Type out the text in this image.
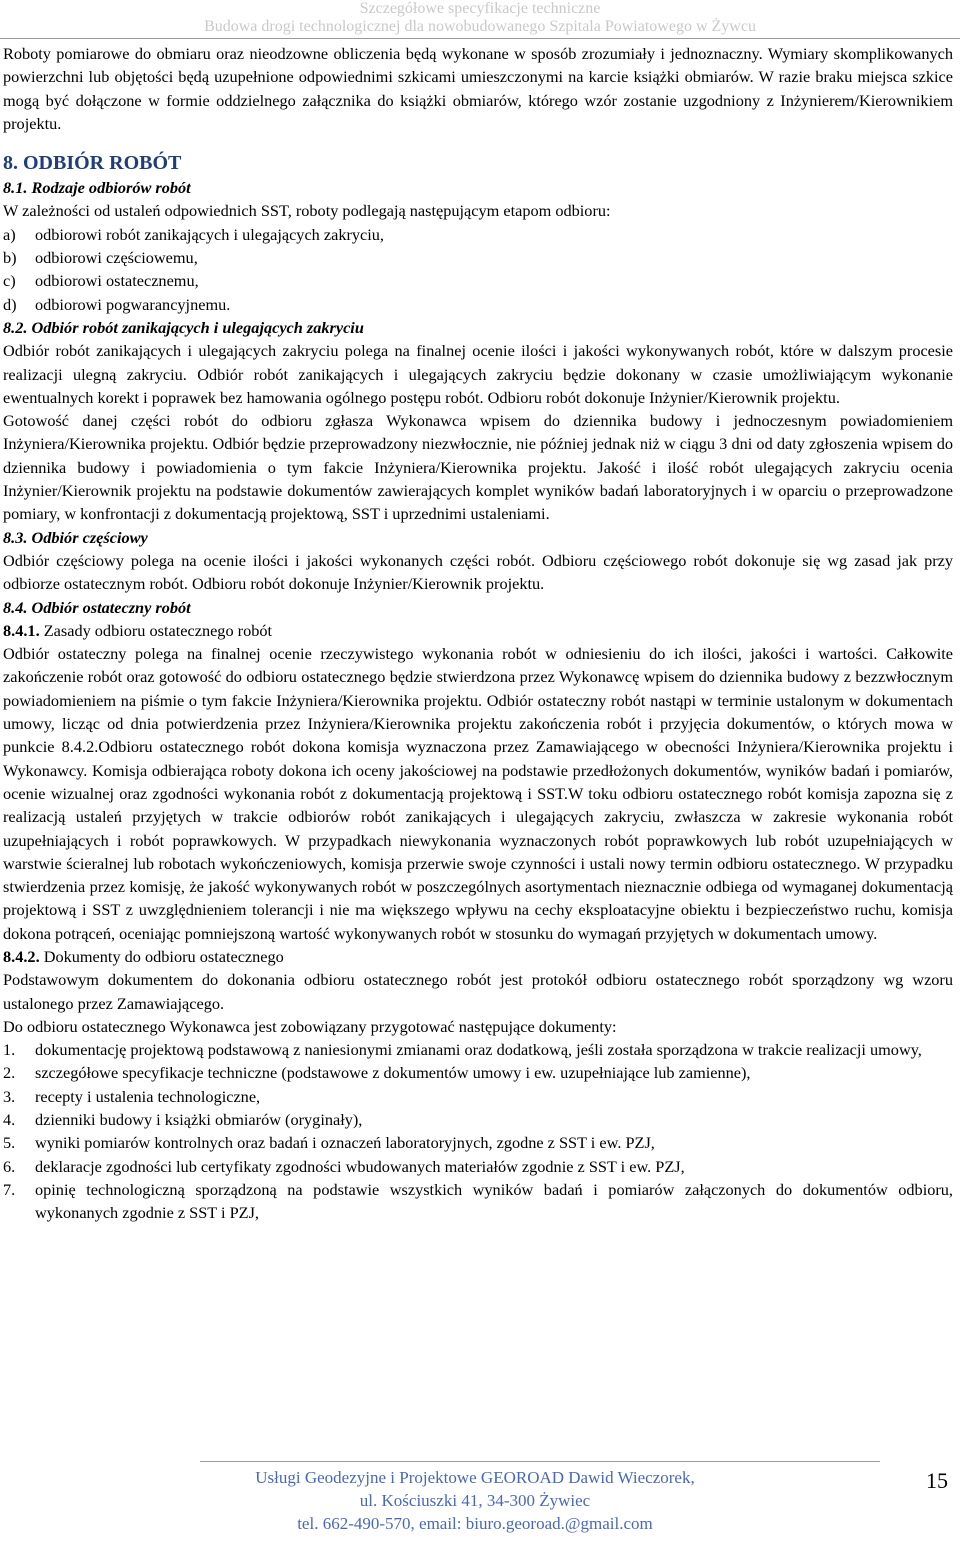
Szczegółowe specyfikacje techniczne
Budowa drogi technologicznej dla nowobudowanego Szpitala Powiatowego w Żywcu

Roboty pomiarowe do obmiaru oraz nieodzowne obliczenia będą wykonane w sposób zrozumiały i jednoznaczny. Wymiary skomplikowanych powierzchni lub objętości będą uzupełnione odpowiednimi szkicami umieszczonymi na karcie książki obmiarów. W razie braku miejsca szkice mogą być dołączone w formie oddzielnego załącznika do książki obmiarów, którego wzór zostanie uzgodniony z Inżynierem/Kierownikiem projektu.

8. ODBIÓR ROBÓT

8.1. Rodzaje odbiorów robót

W zależności od ustaleń odpowiednich SST, roboty podlegają następującym etapom odbioru:

a) odbiorowi robót zanikających i ulegających zakryciu,
b) odbiorowi częściowemu,
c) odbiorowi ostatecznemu,
d) odbiorowi pogwarancyjnemu.

8.2. Odbiór robót zanikających i ulegających zakryciu

Odbiór robót zanikających i ulegających zakryciu polega na finalnej ocenie ilości i jakości wykonywanych robót, które w dalszym procesie realizacji ulegną zakryciu. Odbiór robót zanikających i ulegających zakryciu będzie dokonany w czasie umożliwiającym wykonanie ewentualnych korekt i poprawek bez hamowania ogólnego postępu robót. Odbioru robót dokonuje Inżynier/Kierownik projektu.

Gotowość danej części robót do odbioru zgłasza Wykonawca wpisem do dziennika budowy i jednoczesnym powiadomieniem Inżyniera/Kierownika projektu. Odbiór będzie przeprowadzony niezwłocznie, nie później jednak niż w ciągu 3 dni od daty zgłoszenia wpisem do dziennika budowy i powiadomienia o tym fakcie Inżyniera/Kierownika projektu. Jakość i ilość robót ulegających zakryciu ocenia Inżynier/Kierownik projektu na podstawie dokumentów zawierających komplet wyników badań laboratoryjnych i w oparciu o przeprowadzone pomiary, w konfrontacji z dokumentacją projektową, SST i uprzednimi ustaleniami.

8.3. Odbiór częściowy

Odbiór częściowy polega na ocenie ilości i jakości wykonanych części robót. Odbioru częściowego robót dokonuje się wg zasad jak przy odbiorze ostatecznym robót. Odbioru robót dokonuje Inżynier/Kierownik projektu.

8.4. Odbiór ostateczny robót

8.4.1. Zasady odbioru ostatecznego robót

Odbiór ostateczny polega na finalnej ocenie rzeczywistego wykonania robót w odniesieniu do ich ilości, jakości i wartości. Całkowite zakończenie robót oraz gotowość do odbioru ostatecznego będzie stwierdzona przez Wykonawcę wpisem do dziennika budowy z bezzwłocznym powiadomieniem na piśmie o tym fakcie Inżyniera/Kierownika projektu. Odbiór ostateczny robót nastąpi w terminie ustalonym w dokumentach umowy, licząc od dnia potwierdzenia przez Inżyniera/Kierownika projektu zakończenia robót i przyjęcia dokumentów, o których mowa w punkcie 8.4.2.Odbioru ostatecznego robót dokona komisja wyznaczona przez Zamawiającego w obecności Inżyniera/Kierownika projektu i Wykonawcy. Komisja odbierająca roboty dokona ich oceny jakościowej na podstawie przedłożonych dokumentów, wyników badań i pomiarów, ocenie wizualnej oraz zgodności wykonania robót z dokumentacją projektową i SST.W toku odbioru ostatecznego robót komisja zapozna się z realizacją ustaleń przyjętych w trakcie odbiorów robót zanikających i ulegających zakryciu, zwłaszcza w zakresie wykonania robót uzupełniających i robót poprawkowych. W przypadkach niewykonania wyznaczonych robót poprawkowych lub robót uzupełniających w warstwie ścieralnej lub robotach wykończeniowych, komisja przerwie swoje czynności i ustali nowy termin odbioru ostatecznego. W przypadku stwierdzenia przez komisję, że jakość wykonywanych robót w poszczególnych asortymentach nieznacznie odbiega od wymaganej dokumentacją projektową i SST z uwzględnieniem tolerancji i nie ma większego wpływu na cechy eksploatacyjne obiektu i bezpieczeństwo ruchu, komisja dokona potrąceń, oceniając pomniejszoną wartość wykonywanych robót w stosunku do wymagań przyjętych w dokumentach umowy.

8.4.2. Dokumenty do odbioru ostatecznego

Podstawowym dokumentem do dokonania odbioru ostatecznego robót jest protokół odbioru ostatecznego robót sporządzony wg wzoru ustalonego przez Zamawiającego.

Do odbioru ostatecznego Wykonawca jest zobowiązany przygotować następujące dokumenty:

1. dokumentację projektową podstawową z naniesionymi zmianami oraz dodatkową, jeśli została sporządzona w trakcie realizacji umowy,
2. szczegółowe specyfikacje techniczne (podstawowe z dokumentów umowy i ew. uzupełniające lub zamienne),
3. recepty i ustalenia technologiczne,
4. dzienniki budowy i książki obmiarów (oryginały),
5. wyniki pomiarów kontrolnych oraz badań i oznaczeń laboratoryjnych, zgodne z SST i ew. PZJ,
6. deklaracje zgodności lub certyfikaty zgodności wbudowanych materiałów zgodnie z SST i ew. PZJ,
7. opinię technologiczną sporządzoną na podstawie wszystkich wyników badań i pomiarów załączonych do dokumentów odbioru, wykonanych zgodnie z SST i PZJ,
Usługi Geodezyjne i Projektowe GEOROAD Dawid Wieczorek,
ul. Kościuszki 41, 34-300 Żywiec
tel. 662-490-570, email: biuro.georoad.@gmail.com
15
